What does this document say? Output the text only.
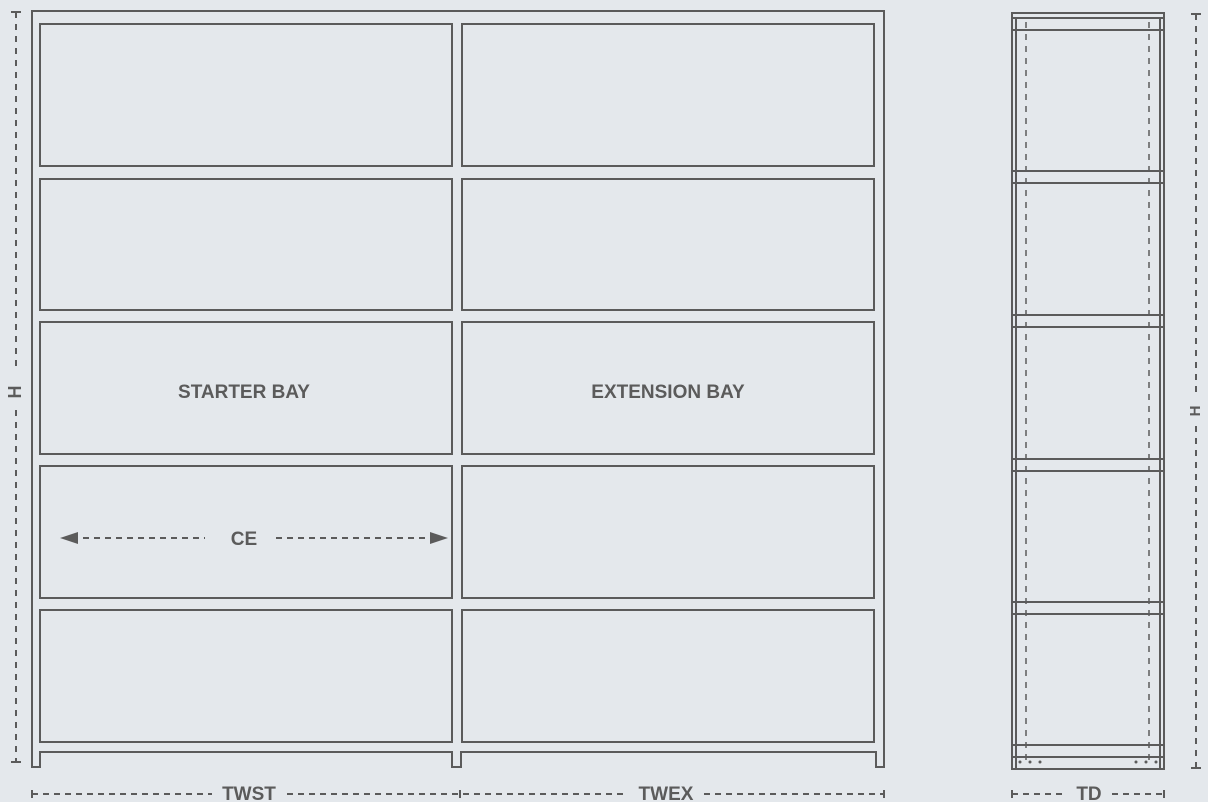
STARTER BAY	EXTENSION BAY
CE
H
TWST	TWEX
H
TD
